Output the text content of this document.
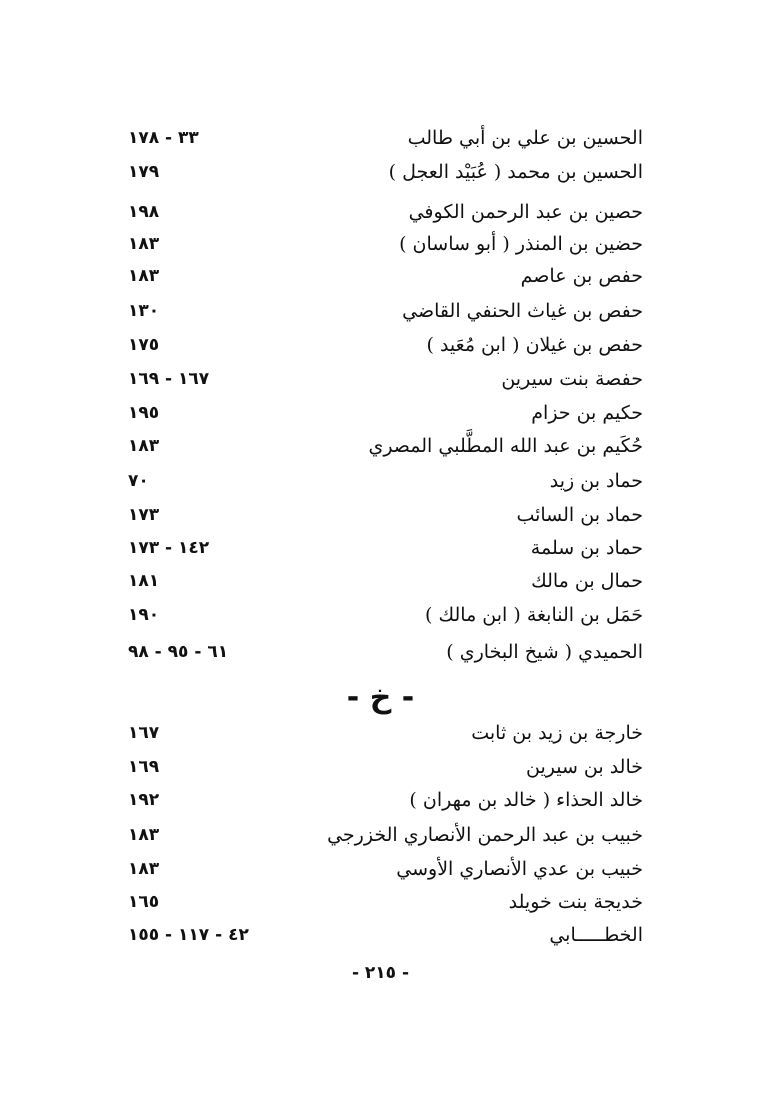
الحسين بن علي بن أبي طالب
٣٣ - ١٧٨
الحسين بن محمد ( عُبَيْد العجل )
١٧٩
حصين بن عبد الرحمن الكوفي
١٩٨
حضين بن المنذر ( أبو ساسان )
١٨٣
حفص بن عاصم
١٨٣
حفص بن غياث الحنفي القاضي
١٣٠
حفص بن غيلان ( ابن مُعَيد )
١٧٥
حفصة بنت سيرين
١٦٧ - ١٦٩
حكيم بن حزام
١٩٥
حُكَيم بن عبد الله المطَّلبي المصري
١٨٣
حماد بن زيد
٧٠
حماد بن السائب
١٧٣
حماد بن سلمة
١٤٢ - ١٧٣
حمال بن مالك
١٨١
حَمَل بن النابغة ( ابن مالك )
١٩٠
الحميدي ( شيخ البخاري )
٦١ - ٩٥ - ٩٨
- خ -
خارجة بن زيد بن ثابت
١٦٧
خالد بن سيرين
١٦٩
خالد الحذاء ( خالد بن مهران )
١٩٢
خبيب بن عبد الرحمن الأنصاري الخزرجي
١٨٣
خبيب بن عدي الأنصاري الأوسي
١٨٣
خديجة بنت خويلد
١٦٥
الخطـــــابي
٤٢ - ١١٧ - ١٥٥
- ٢١٥ -
